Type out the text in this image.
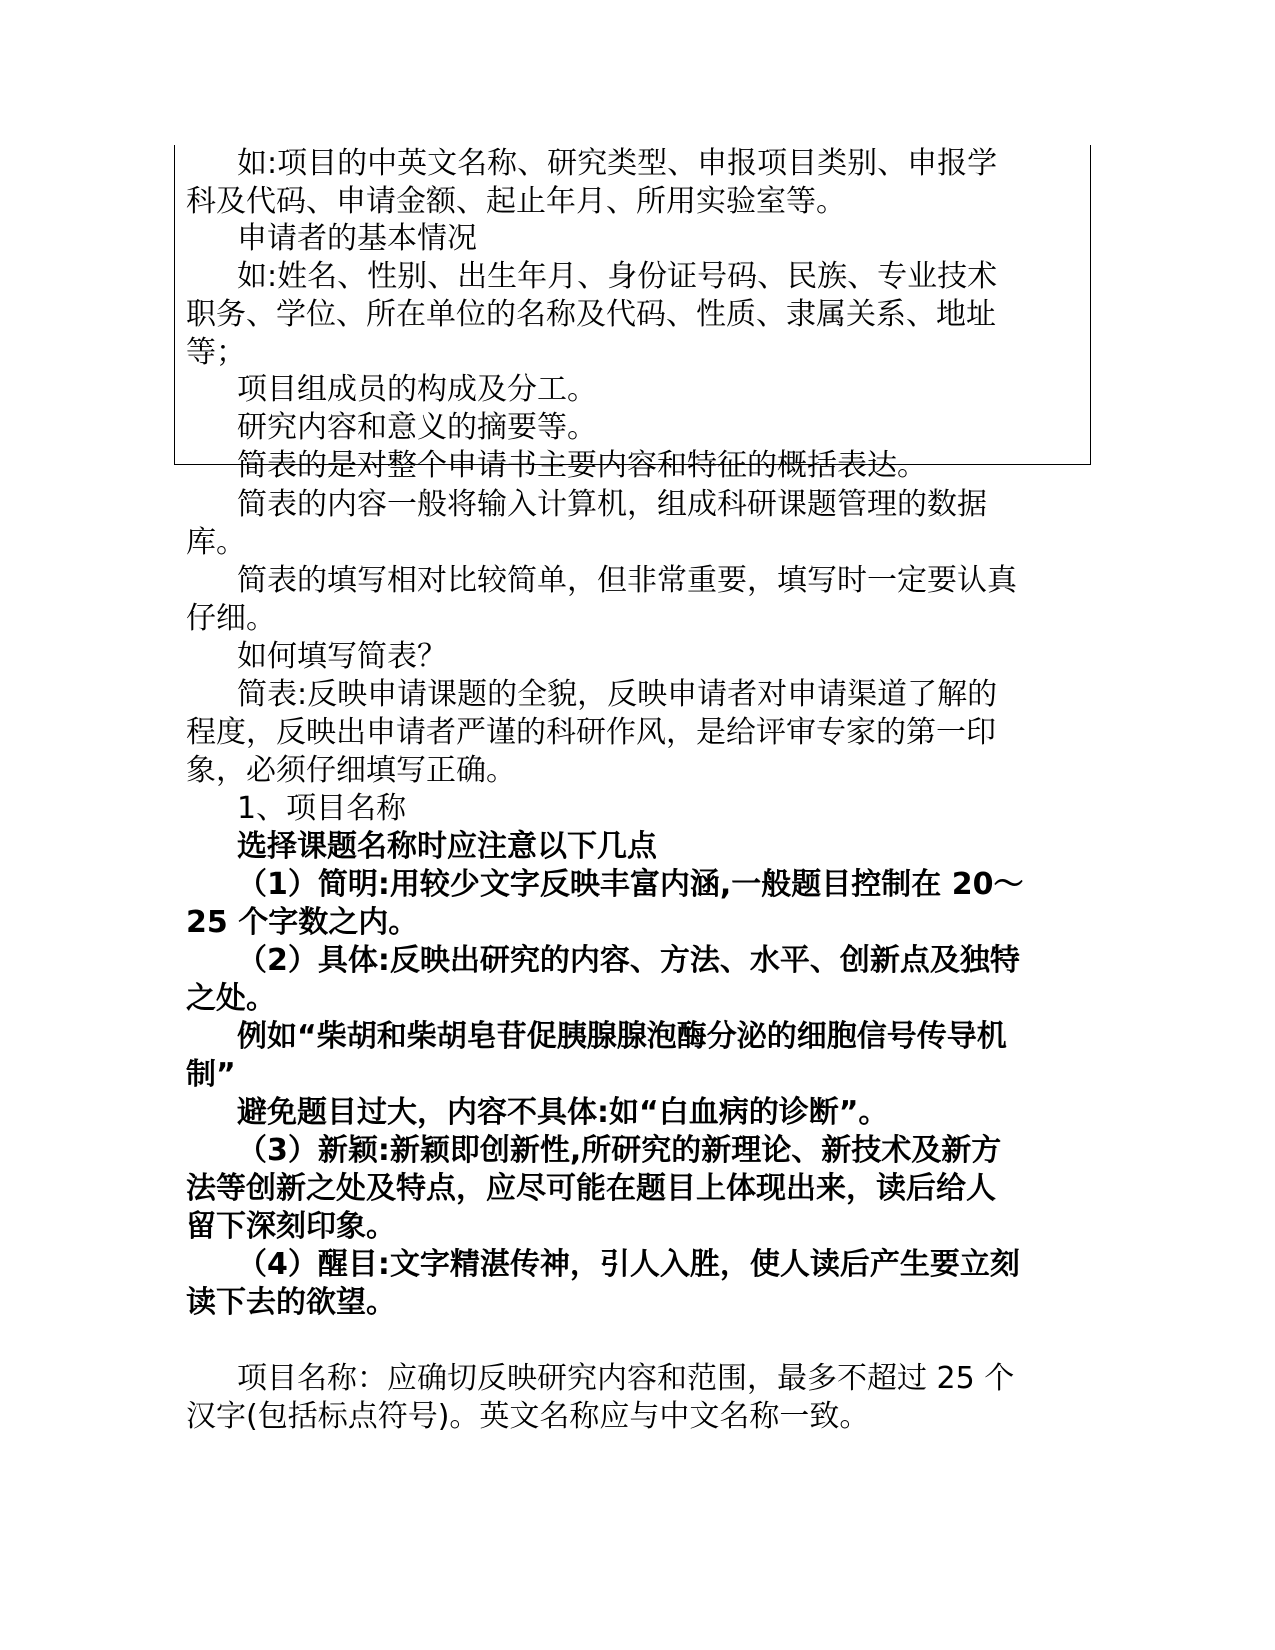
如:项目的中英文名称、研究类型、申报项目类别、申报学
科及代码、申请金额、起止年月、所用实验室等。
申请者的基本情况
如:姓名、性别、出生年月、身份证号码、民族、专业技术
职务、学位、所在单位的名称及代码、性质、隶属关系、地址
等；
项目组成员的构成及分工。
研究内容和意义的摘要等。
简表的是对整个申请书主要内容和特征的概括表达。
简表的内容一般将输入计算机，组成科研课题管理的数据
库。
简表的填写相对比较简单，但非常重要，填写时一定要认真
仔细。
如何填写简表？
简表:反映申请课题的全貌，反映申请者对申请渠道了解的
程度，反映出申请者严谨的科研作风，是给评审专家的第一印
象，必须仔细填写正确。
1、项目名称
选择课题名称时应注意以下几点
（1）简明:用较少文字反映丰富内涵,一般题目控制在 20～
25 个字数之内。
（2）具体:反映出研究的内容、方法、水平、创新点及独特
之处。
例如“柴胡和柴胡皂苷促胰腺腺泡酶分泌的细胞信号传导机
制”
避免题目过大，内容不具体:如“白血病的诊断”。
（3）新颖:新颖即创新性,所研究的新理论、新技术及新方
法等创新之处及特点，应尽可能在题目上体现出来，读后给人
留下深刻印象。
（4）醒目:文字精湛传神，引人入胜，使人读后产生要立刻
读下去的欲望。
项目名称：应确切反映研究内容和范围，最多不超过 25 个
汉字(包括标点符号)。英文名称应与中文名称一致。
